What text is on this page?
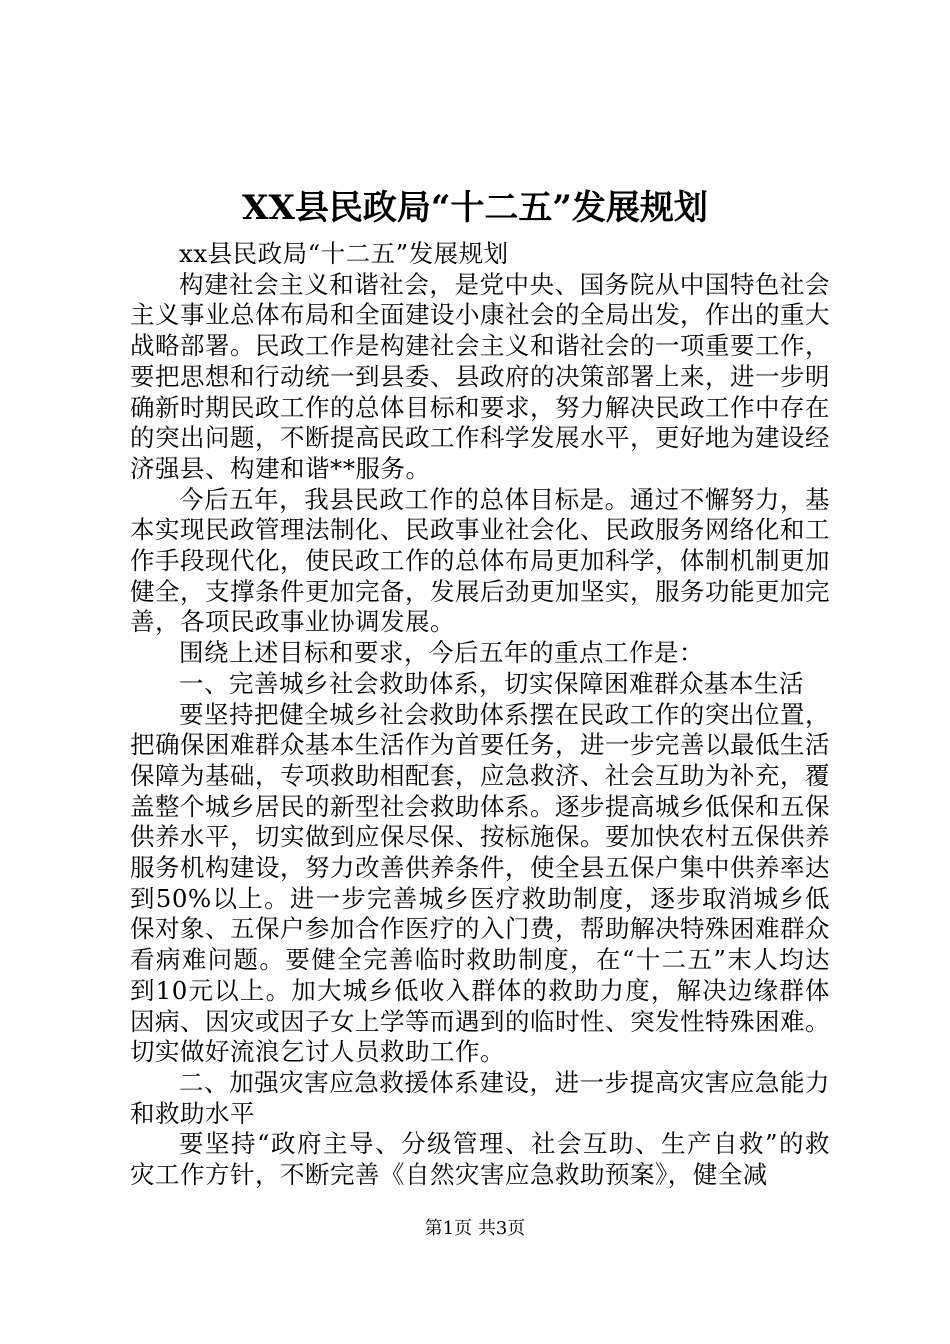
XX县民政局“十二五”发展规划

xx县民政局“十二五”发展规划

构建社会主义和谐社会，是党中央、国务院从中国特色社会主义事业总体布局和全面建设小康社会的全局出发，作出的重大战略部署。民政工作是构建社会主义和谐社会的一项重要工作，要把思想和行动统一到县委、县政府的决策部署上来，进一步明确新时期民政工作的总体目标和要求，努力解决民政工作中存在的突出问题，不断提高民政工作科学发展水平，更好地为建设经济强县、构建和谐**服务。

今后五年，我县民政工作的总体目标是。通过不懈努力，基本实现民政管理法制化、民政事业社会化、民政服务网络化和工作手段现代化，使民政工作的总体布局更加科学，体制机制更加健全，支撑条件更加完备，发展后劲更加坚实，服务功能更加完善，各项民政事业协调发展。

围绕上述目标和要求，今后五年的重点工作是：

一、完善城乡社会救助体系，切实保障困难群众基本生活

要坚持把健全城乡社会救助体系摆在民政工作的突出位置，把确保困难群众基本生活作为首要任务，进一步完善以最低生活保障为基础，专项救助相配套，应急救济、社会互助为补充，覆盖整个城乡居民的新型社会救助体系。逐步提高城乡低保和五保供养水平，切实做到应保尽保、按标施保。要加快农村五保供养服务机构建设，努力改善供养条件，使全县五保户集中供养率达到50%以上。进一步完善城乡医疗救助制度，逐步取消城乡低保对象、五保户参加合作医疗的入门费，帮助解决特殊困难群众看病难问题。要健全完善临时救助制度，在“十二五”末人均达到10元以上。加大城乡低收入群体的救助力度，解决边缘群体因病、因灾或因子女上学等而遇到的临时性、突发性特殊困难。切实做好流浪乞讨人员救助工作。

二、加强灾害应急救援体系建设，进一步提高灾害应急能力和救助水平

要坚持“政府主导、分级管理、社会互助、生产自救”的救灾工作方针，不断完善《自然灾害应急救助预案》，健全减

第1页 共3页
